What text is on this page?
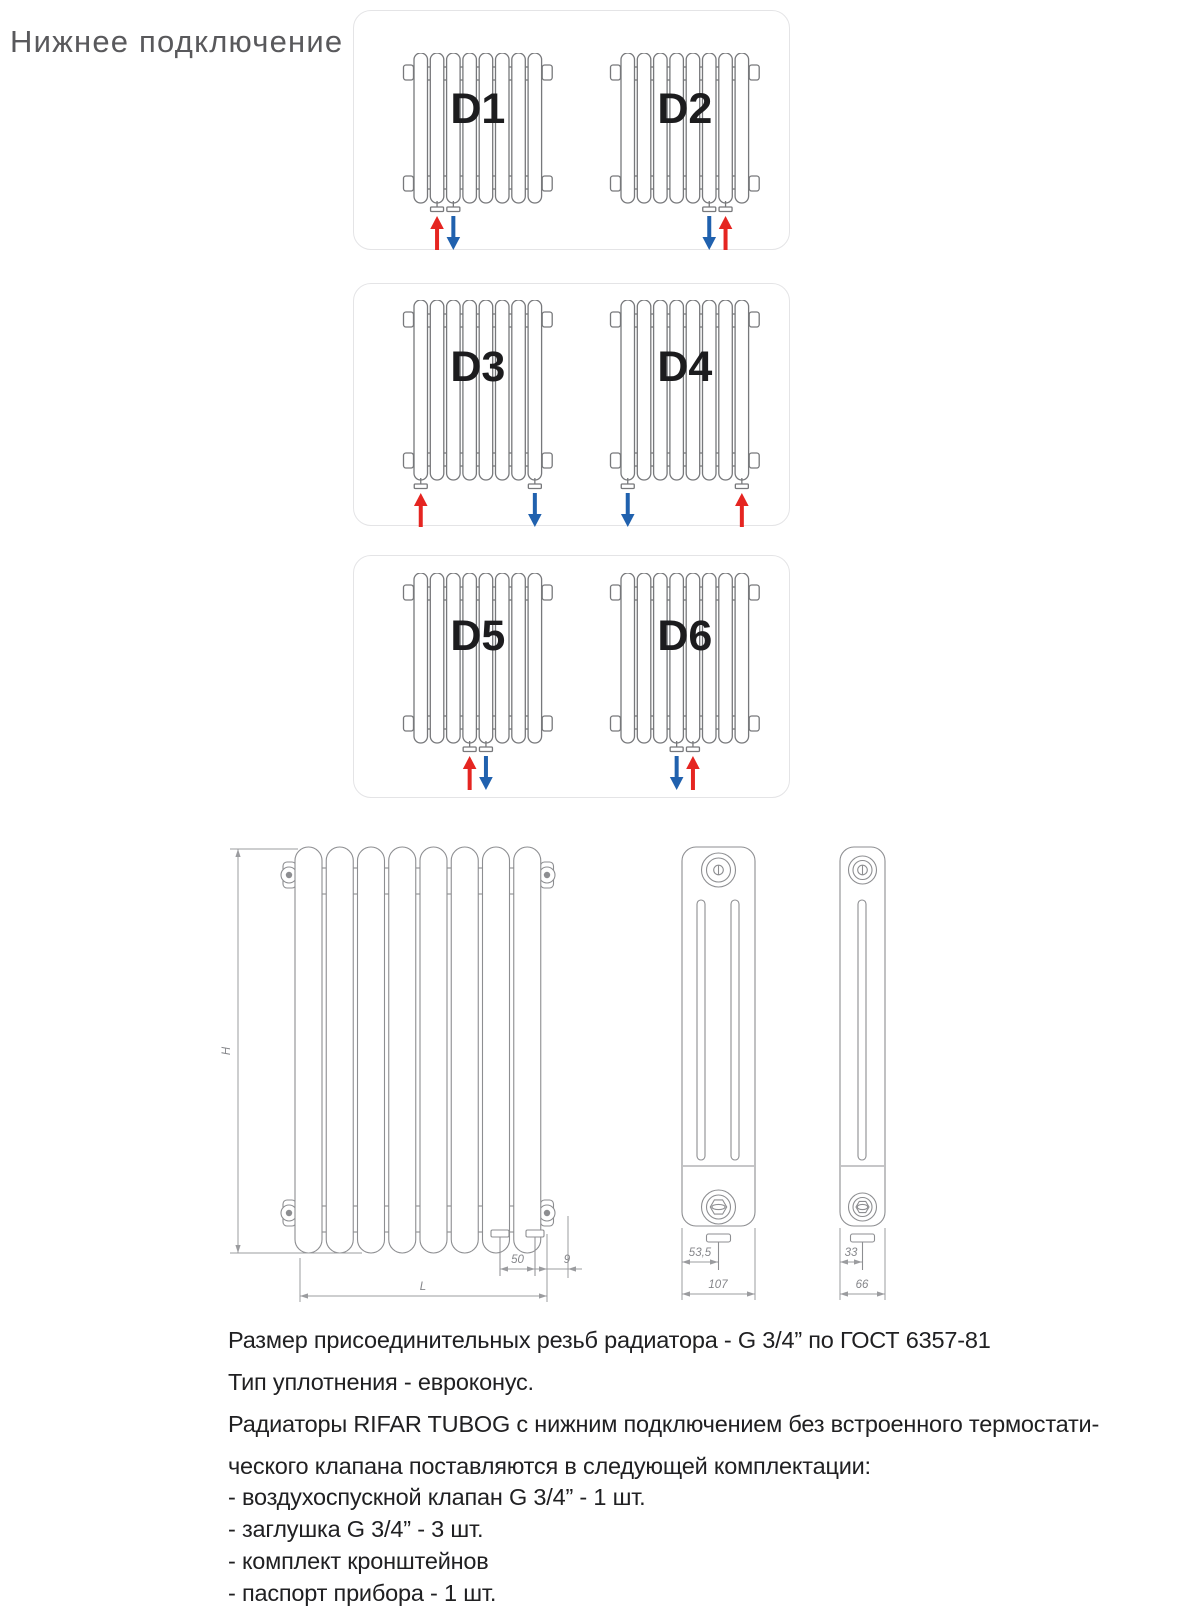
Нижнее подключение
D1	D2
D3	D4
D5	D6
H
50	9
L
53,5
107
33
66

Размер присоединительных резьб радиатора - G 3/4” по ГОСТ 6357-81

Тип уплотнения - евроконус.

Радиаторы RIFAR TUBOG с нижним подключением без встроенного термостати-

ческого клапана поставляются в следующей комплектации:

- воздухоспускной клапан G 3/4” - 1 шт.

- заглушка G 3/4” - 3 шт.

- комплект кронштейнов

- паспорт прибора - 1 шт.
